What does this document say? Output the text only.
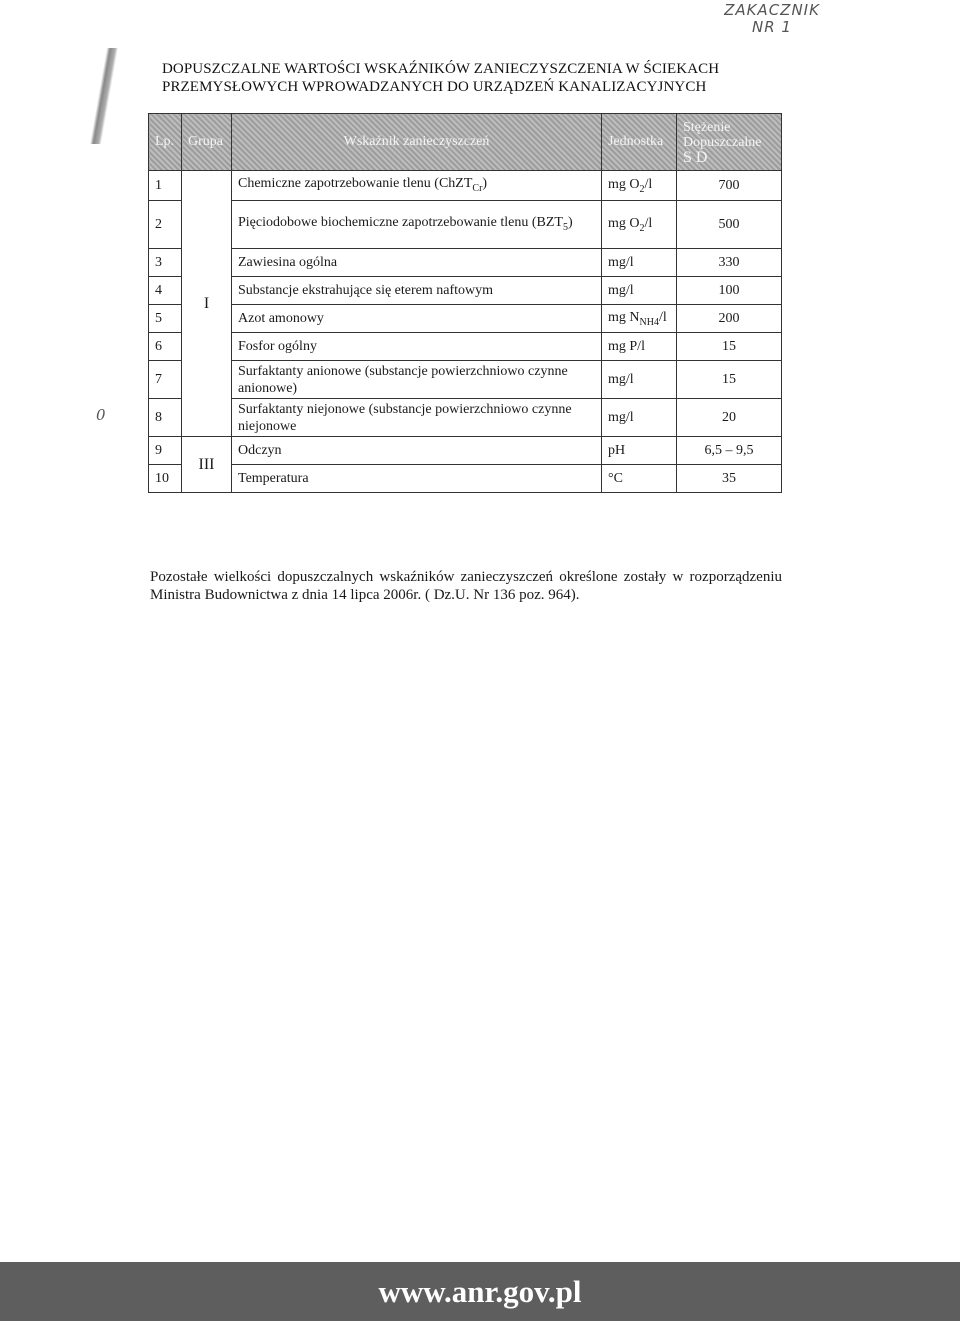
ZAKACZNIK
NR 1
0
DOPUSZCZALNE WARTOŚCI WSKAŹNIKÓW ZANIECZYSZCZENIA W ŚCIEKACH
PRZEMYSŁOWYCH WPROWADZANYCH DO URZĄDZEŃ KANALIZACYJNYCH
Lp.	Grupa	Wskaźnik zanieczyszczeń	Jednostka	Stężenie
Dopuszczalne
S D

1	I	Chemiczne zapotrzebowanie tlenu (ChZT$_{Cr}$)	mg $O_2/l$	700
2		Pięciodobowe biochemiczne zapotrzebowanie tlenu $(BZT_5)$	mg $O_2/l$	500
3		Zawiesina ogólna	mg/l	330
4		Substancje ekstrahujące się eterem naftowym	mg/l	100
5		Azot amonowy	mg $N_{NH4}/l$	200
6		Fosfor ogólny	mg P/l	15
7		Surfaktanty anionowe (substancje powierzchniowo czynne anionowe)	mg/l	15
8		Surfaktanty niejonowe (substancje powierzchniowo czynne niejonowe	mg/l	20
9	III	Odczyn	pH	6,5 – 9,5
10		Temperatura	°C	35
Pozostałe wielkości dopuszczalnych wskaźników zanieczyszczeń określone zostały w rozporządzeniu Ministra Budownictwa z dnia 14 lipca 2006r. ( Dz.U. Nr 136 poz. 964).
www.anr.gov.pl
